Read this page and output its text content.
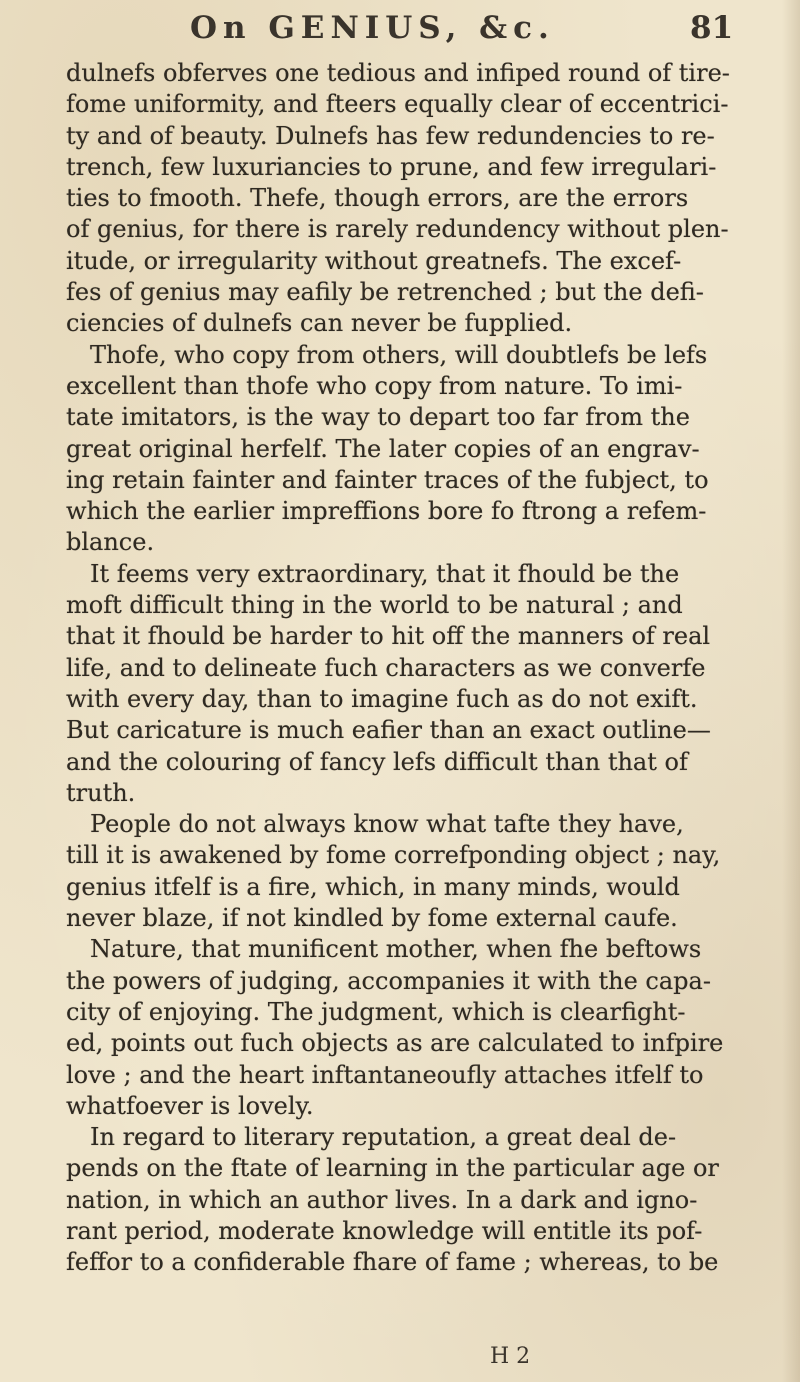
On GENIUS, &c.	81
dulnefs obferves one tedious and infiped round of tire-
fome uniformity, and fteers equally clear of eccentrici-
ty and of beauty. Dulnefs has few redundencies to re-
trench, few luxuriancies to prune, and few irregulari-
ties to fmooth. Thefe, though errors, are the errors
of genius, for there is rarely redundency without plen-
itude, or irregularity without greatnefs. The excef-
fes of genius may eafily be retrenched ; but the defi-
ciencies of dulnefs can never be fupplied.
Thofe, who copy from others, will doubtlefs be lefs
excellent than thofe who copy from nature. To imi-
tate imitators, is the way to depart too far from the
great original herfelf. The later copies of an engrav-
ing retain fainter and fainter traces of the fubject, to
which the earlier impreffions bore fo ftrong a refem-
blance.
It feems very extraordinary, that it fhould be the
moft difficult thing in the world to be natural ; and
that it fhould be harder to hit off the manners of real
life, and to delineate fuch characters as we converfe
with every day, than to imagine fuch as do not exift.
But caricature is much eafier than an exact outline—
and the colouring of fancy lefs difficult than that of
truth.
People do not always know what tafte they have,
till it is awakened by fome correfponding object ; nay,
genius itfelf is a fire, which, in many minds, would
never blaze, if not kindled by fome external caufe.
Nature, that munificent mother, when fhe beftows
the powers of judging, accompanies it with the capa-
city of enjoying. The judgment, which is clearfight-
ed, points out fuch objects as are calculated to infpire
love ; and the heart inftantaneoufly attaches itfelf to
whatfoever is lovely.
In regard to literary reputation, a great deal de-
pends on the ftate of learning in the particular age or
nation, in which an author lives. In a dark and igno-
rant period, moderate knowledge will entitle its pof-
feffor to a confiderable fhare of fame ; whereas, to be
H 2
